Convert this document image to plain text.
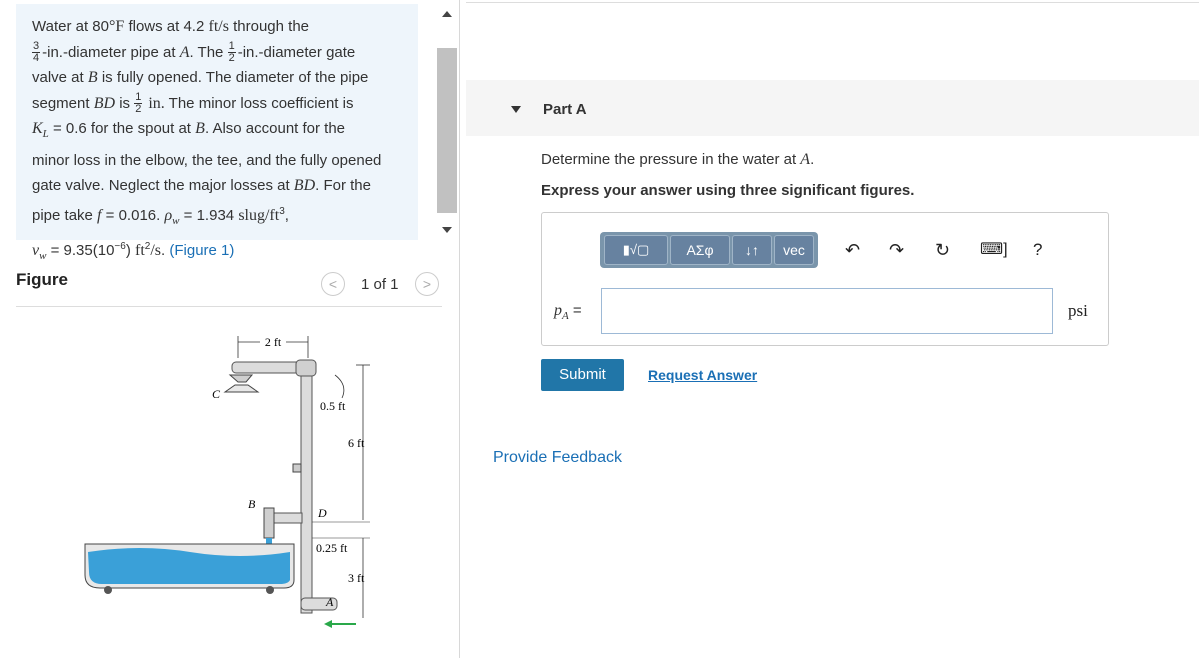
Water at 80°F flows at 4.2 ft/s through the

$\frac{3}{4}$ -in.-diameter pipe at A. The $\frac{1}{2}$ -in.-diameter gate
valve at B is fully opened. The diameter of the pipe
segment BD is $\frac{1}{2}$ in. The minor loss coefficient is
$K_L = 0.6$ for the spout at B. Also account for the
minor loss in the elbow, the tee, and the fully opened
gate valve. Neglect the major losses at BD. For the
pipe take f = 0.016. $\rho_w = 1.934$ slug/$ft^3$,
$\nu_w = 9.35(10^{-6})$ $ft^2/s$. (Figure 1)
Figure	<	1 of 1	>
2 ft
C
0.5 ft
6 ft
B
D
0.25 ft
3 ft
A
Part A
Determine the pressure in the water at A.
Express your answer using three significant figures.
▮√▢	ΑΣφ	↓↑	vec	↶ ↷ ↻ ⌨] ?
$p_A$ =	psi
Submit	Request Answer
Provide Feedback
